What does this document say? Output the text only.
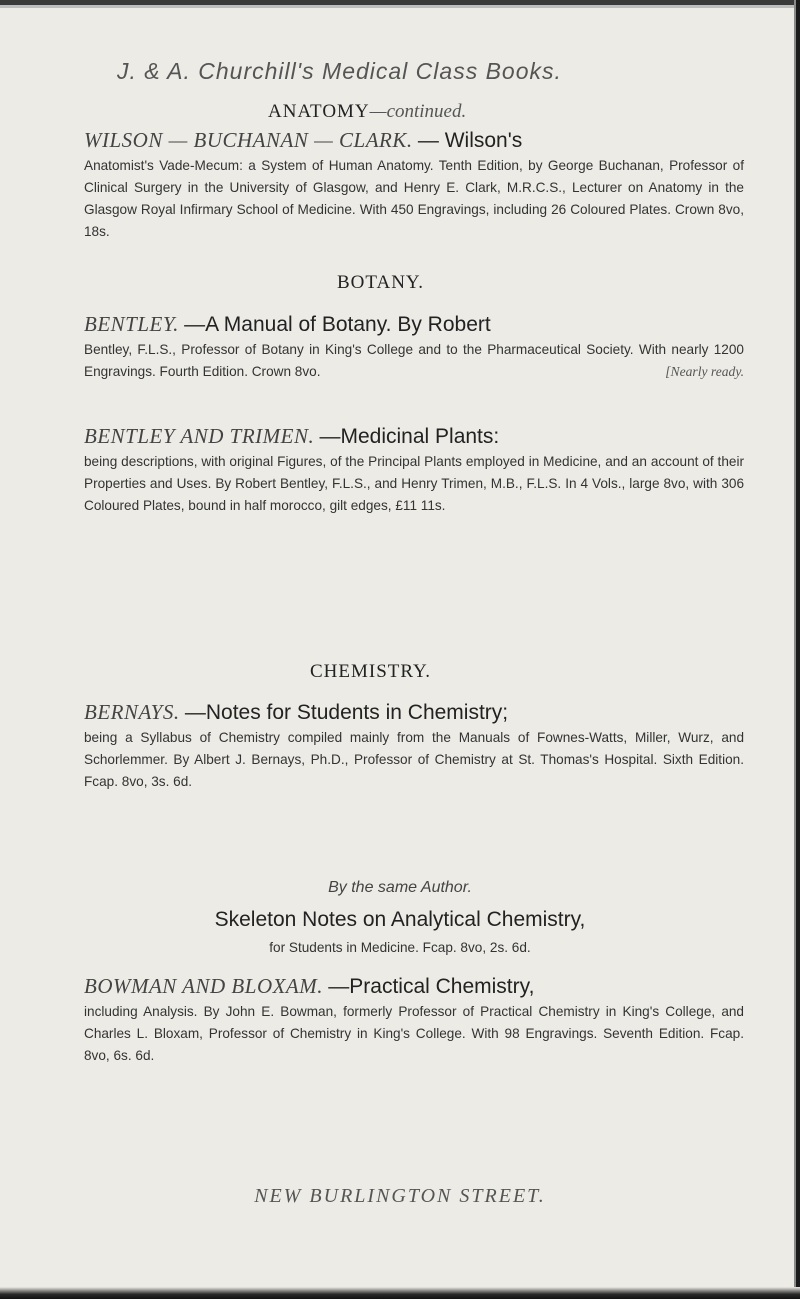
J. & A. Churchill's Medical Class Books.
ANATOMY—continued.
WILSON — BUCHANAN — CLARK. — Wilson's
Anatomist's Vade-Mecum: a System of Human Anatomy. Tenth Edition, by George Buchanan, Professor of Clinical Surgery in the University of Glasgow, and Henry E. Clark, M.R.C.S., Lecturer on Anatomy in the Glasgow Royal Infirmary School of Medicine. With 450 Engravings, including 26 Coloured Plates. Crown 8vo, 18s.
BOTANY.
BENTLEY. —A Manual of Botany. By Robert
Bentley, F.L.S., Professor of Botany in King's College and to the Pharmaceutical Society. With nearly 1200 Engravings. Fourth Edition. Crown 8vo.	[Nearly ready.
BENTLEY AND TRIMEN. —Medicinal Plants:
being descriptions, with original Figures, of the Principal Plants employed in Medicine, and an account of their Properties and Uses. By Robert Bentley, F.L.S., and Henry Trimen, M.B., F.L.S. In 4 Vols., large 8vo, with 306 Coloured Plates, bound in half morocco, gilt edges, £11 11s.
CHEMISTRY.
BERNAYS. —Notes for Students in Chemistry;
being a Syllabus of Chemistry compiled mainly from the Manuals of Fownes-Watts, Miller, Wurz, and Schorlemmer. By Albert J. Bernays, Ph.D., Professor of Chemistry at St. Thomas's Hospital. Sixth Edition. Fcap. 8vo, 3s. 6d.
By the same Author.
Skeleton Notes on Analytical Chemistry,
for Students in Medicine. Fcap. 8vo, 2s. 6d.
BOWMAN AND BLOXAM. —Practical Chemistry,
including Analysis. By John E. Bowman, formerly Professor of Practical Chemistry in King's College, and Charles L. Bloxam, Professor of Chemistry in King's College. With 98 Engravings. Seventh Edition. Fcap. 8vo, 6s. 6d.
NEW BURLINGTON STREET.
